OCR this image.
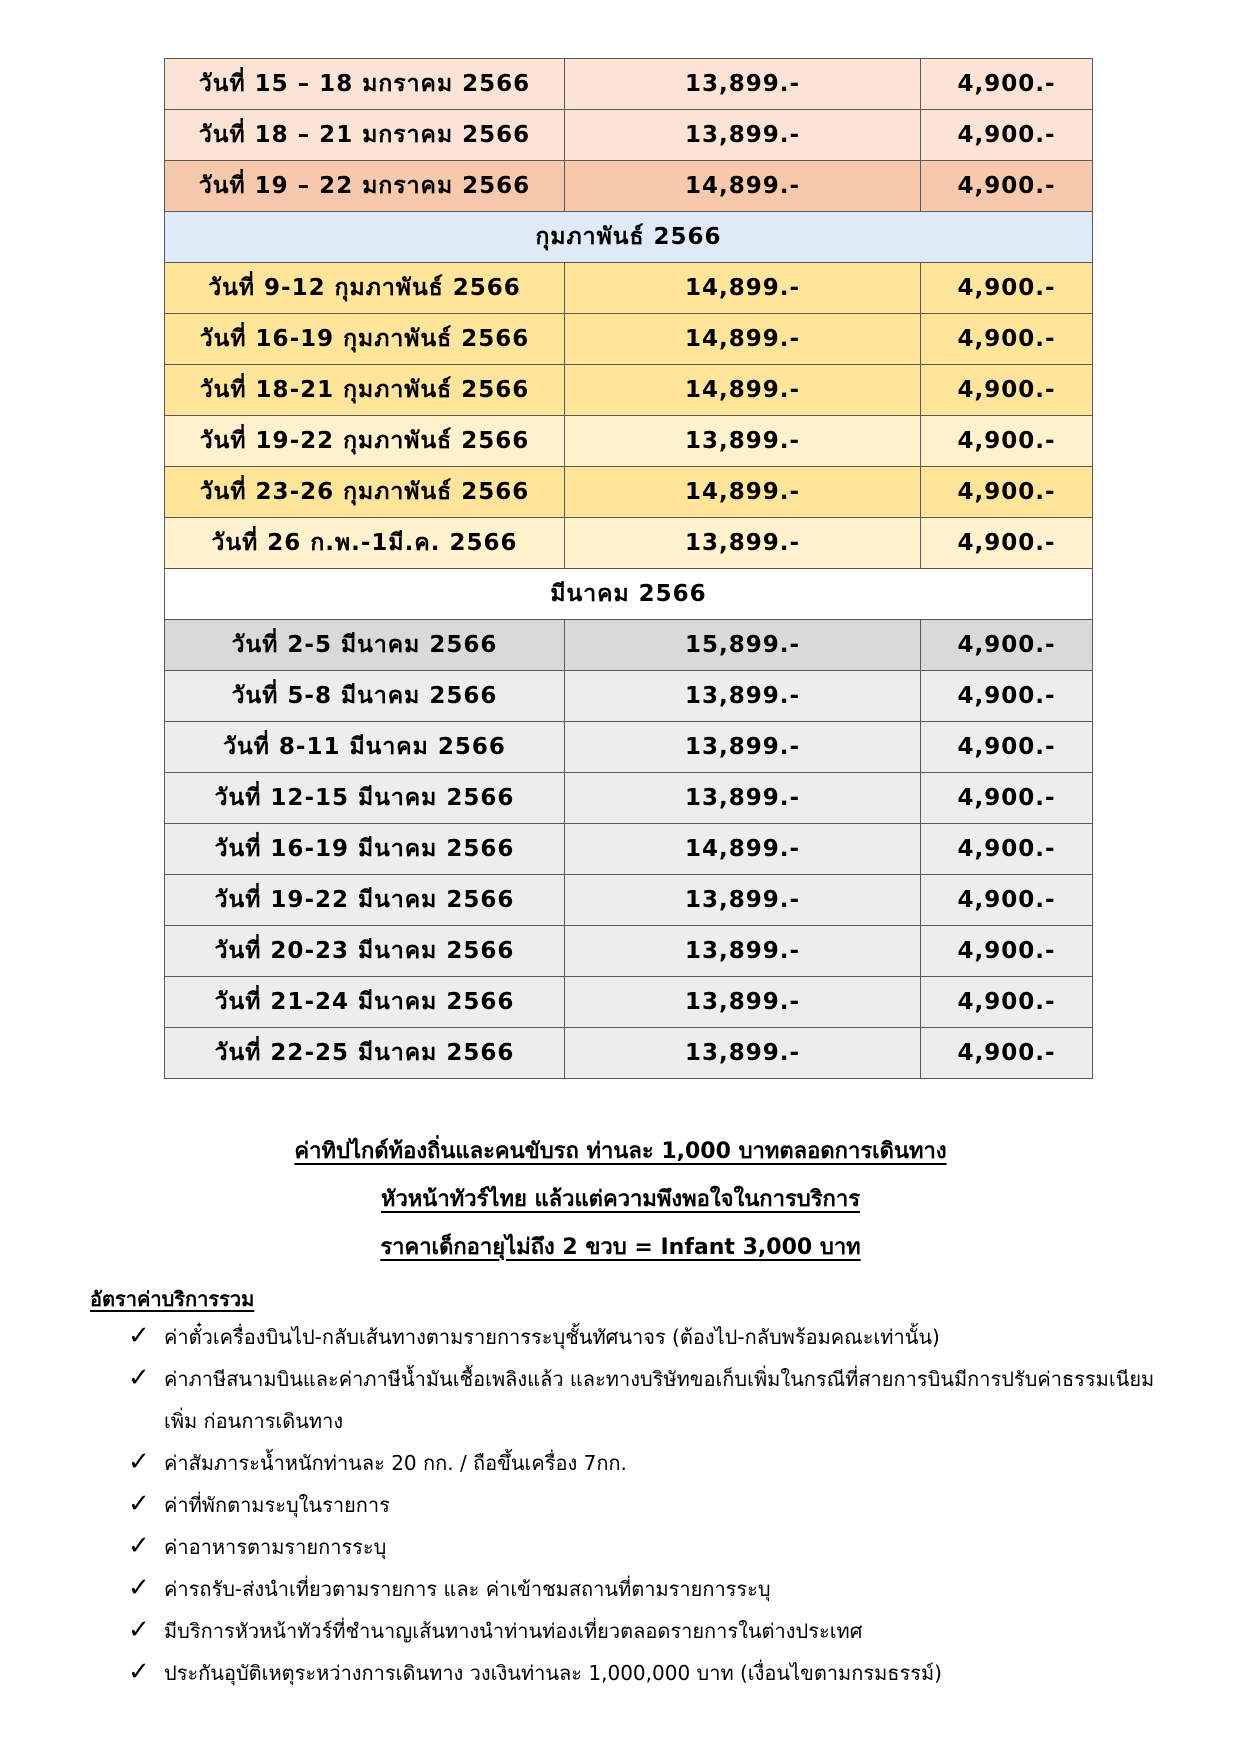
วันที่ 15 – 18 มกราคม 2566	13,899.-	4,900.-
วันที่ 18 – 21 มกราคม 2566	13,899.-	4,900.-
วันที่ 19 – 22 มกราคม 2566	14,899.-	4,900.-
กุมภาพันธ์ 2566		
วันที่ 9-12 กุมภาพันธ์ 2566	14,899.-	4,900.-
วันที่ 16-19 กุมภาพันธ์ 2566	14,899.-	4,900.-
วันที่ 18-21 กุมภาพันธ์ 2566	14,899.-	4,900.-
วันที่ 19-22 กุมภาพันธ์ 2566	13,899.-	4,900.-
วันที่ 23-26 กุมภาพันธ์ 2566	14,899.-	4,900.-
วันที่ 26 ก.พ.-1มี.ค. 2566	13,899.-	4,900.-
มีนาคม 2566		
วันที่ 2-5 มีนาคม 2566	15,899.-	4,900.-
วันที่ 5-8 มีนาคม 2566	13,899.-	4,900.-
วันที่ 8-11 มีนาคม 2566	13,899.-	4,900.-
วันที่ 12-15 มีนาคม 2566	13,899.-	4,900.-
วันที่ 16-19 มีนาคม 2566	14,899.-	4,900.-
วันที่ 19-22 มีนาคม 2566	13,899.-	4,900.-
วันที่ 20-23 มีนาคม 2566	13,899.-	4,900.-
วันที่ 21-24 มีนาคม 2566	13,899.-	4,900.-
วันที่ 22-25 มีนาคม 2566	13,899.-	4,900.-
ค่าทิปไกด์ท้องถิ่นและคนขับรถ ท่านละ 1,000 บาทตลอดการเดินทาง
หัวหน้าทัวร์ไทย แล้วแต่ความพึงพอใจในการบริการ
ราคาเด็กอายุไม่ถึง 2 ขวบ = Infant 3,000 บาท
อัตราค่าบริการรวม
✓ ค่าตั๋วเครื่องบินไป-กลับเส้นทางตามรายการระบุชั้นทัศนาจร (ต้องไป-กลับพร้อมคณะเท่านั้น)
✓ ค่าภาษีสนามบินและค่าภาษีน้ำมันเชื้อเพลิงแล้ว และทางบริษัทขอเก็บเพิ่มในกรณีที่สายการบินมีการปรับค่าธรรมเนียมเพิ่ม ก่อนการเดินทาง
✓ ค่าสัมภาระน้ำหนักท่านละ 20 กก. / ถือขึ้นเครื่อง 7กก.
✓ ค่าที่พักตามระบุในรายการ
✓ ค่าอาหารตามรายการระบุ
✓ ค่ารถรับ-ส่งนำเที่ยวตามรายการ และ ค่าเข้าชมสถานที่ตามรายการระบุ
✓ มีบริการหัวหน้าทัวร์ที่ชำนาญเส้นทางนำท่านท่องเที่ยวตลอดรายการในต่างประเทศ
✓ ประกันอุบัติเหตุระหว่างการเดินทาง วงเงินท่านละ 1,000,000 บาท (เงื่อนไขตามกรมธรรม์)
